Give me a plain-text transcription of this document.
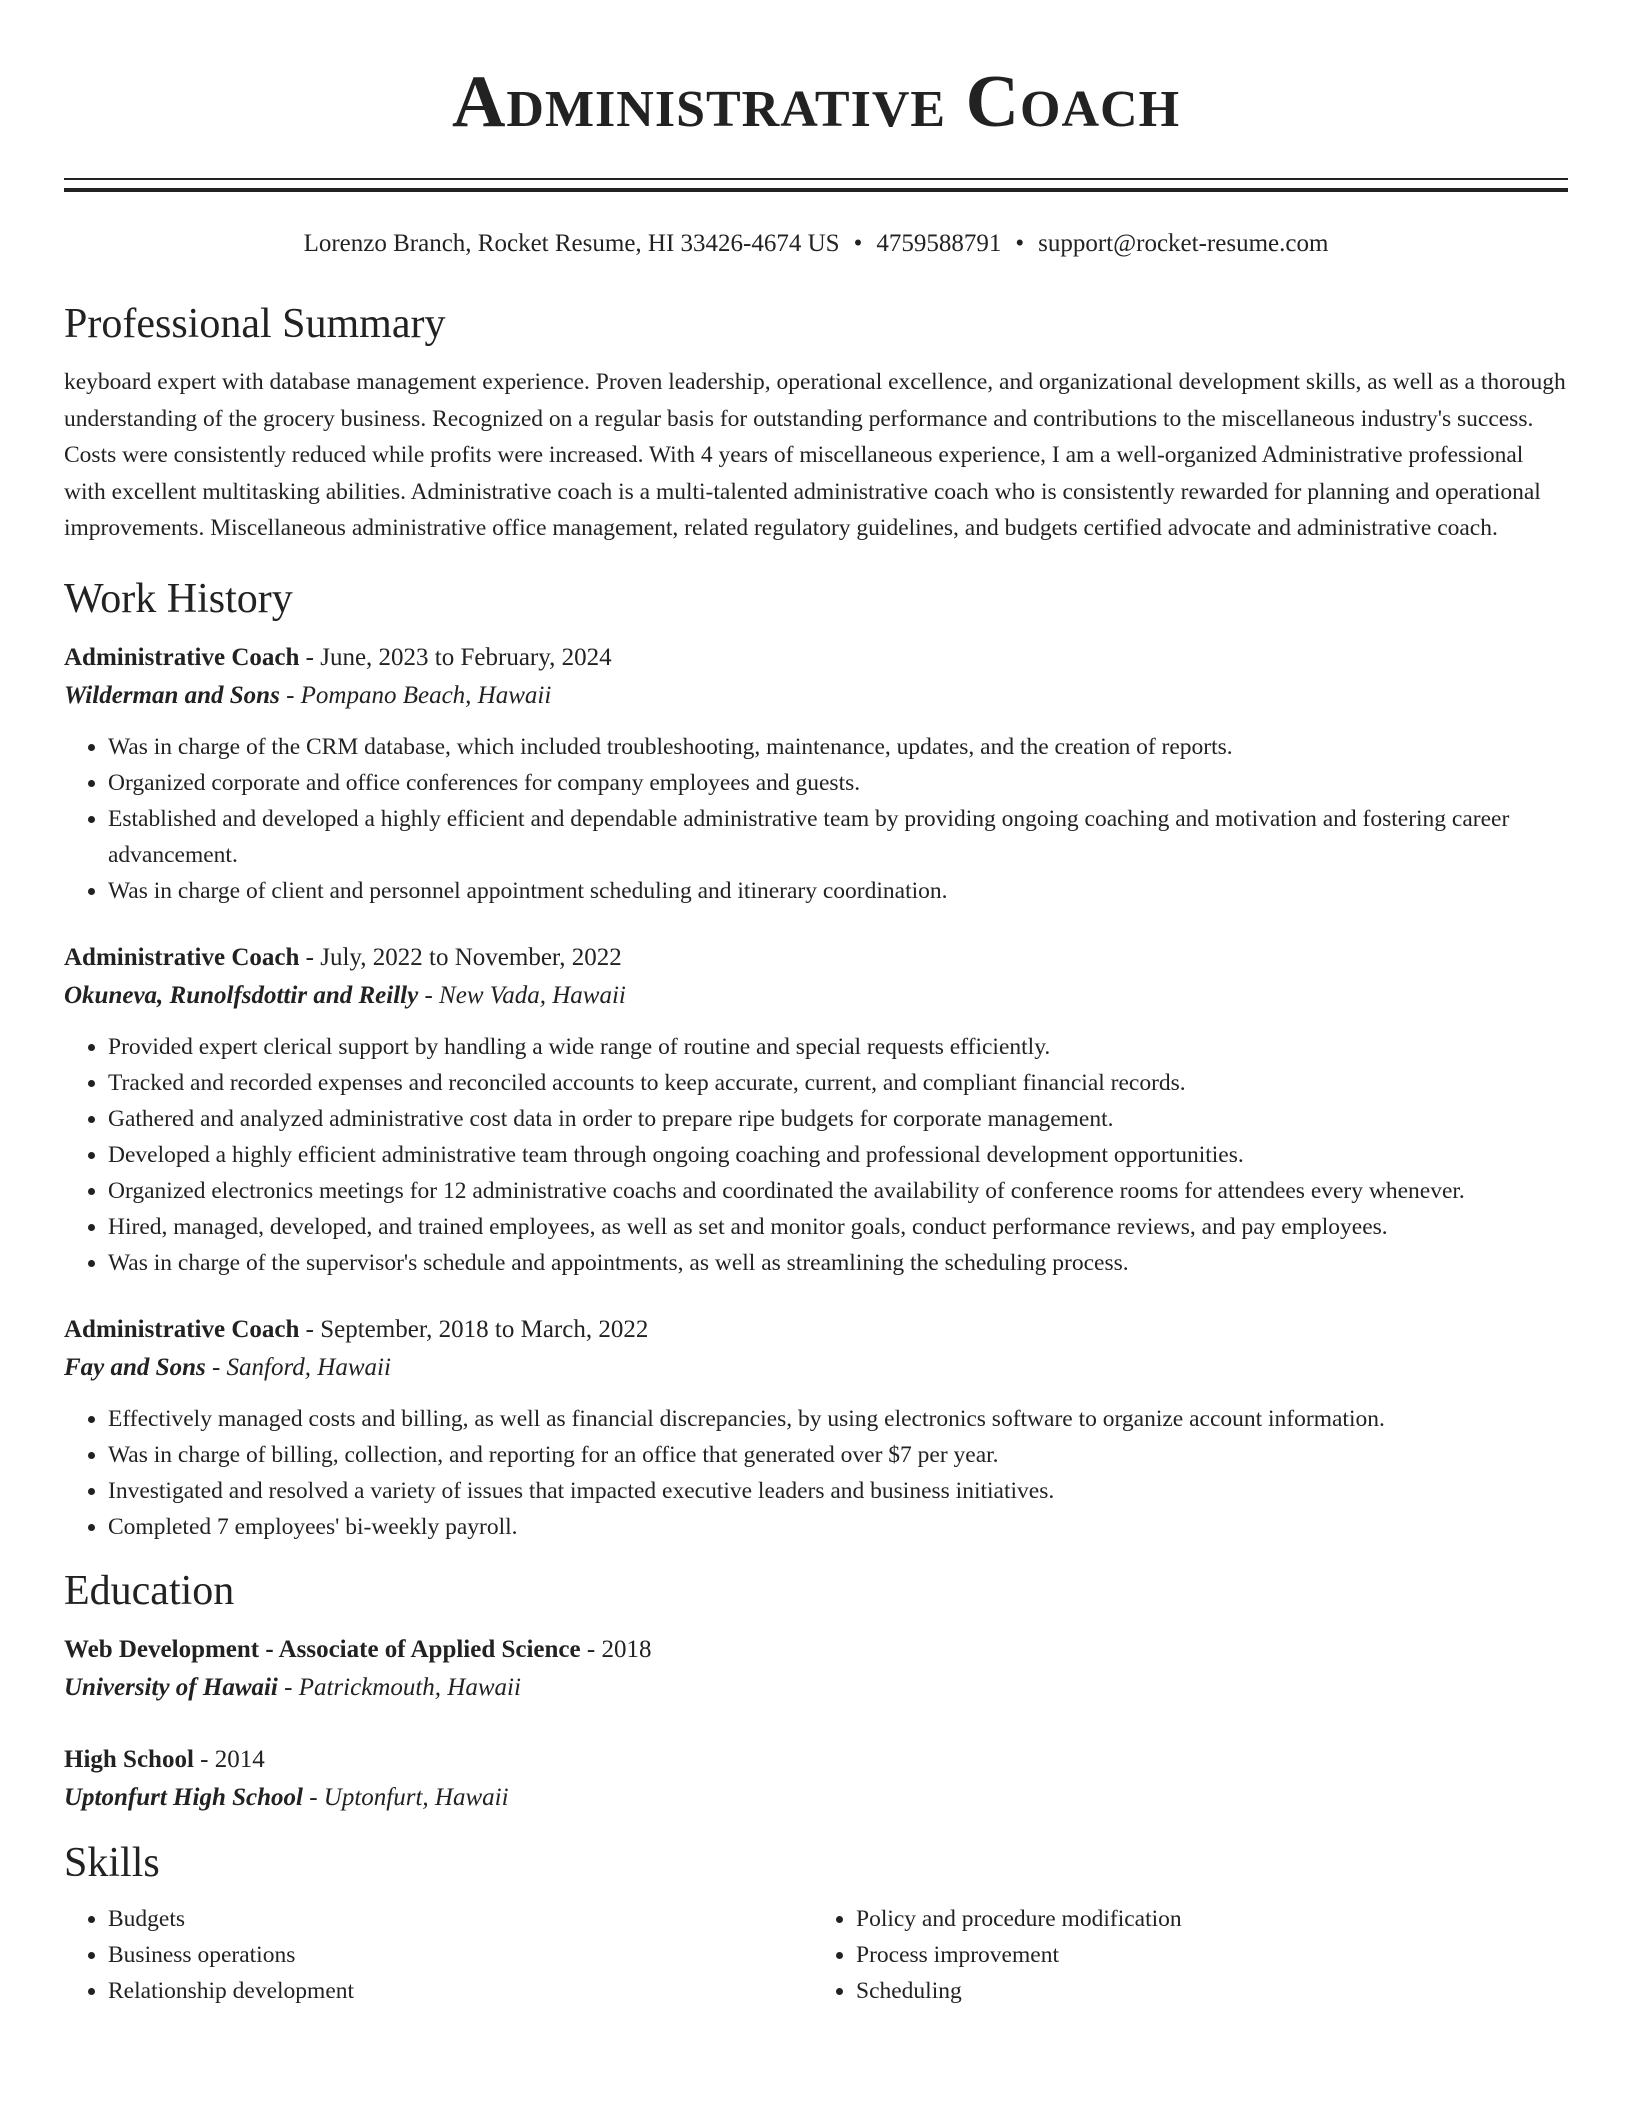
Administrative Coach
Lorenzo Branch, Rocket Resume, HI 33426-4674 US • 4759588791 • support@rocket-resume.com
Professional Summary
keyboard expert with database management experience. Proven leadership, operational excellence, and organizational development skills, as well as a thorough understanding of the grocery business. Recognized on a regular basis for outstanding performance and contributions to the miscellaneous industry's success. Costs were consistently reduced while profits were increased. With 4 years of miscellaneous experience, I am a well-organized Administrative professional with excellent multitasking abilities. Administrative coach is a multi-talented administrative coach who is consistently rewarded for planning and operational improvements. Miscellaneous administrative office management, related regulatory guidelines, and budgets certified advocate and administrative coach.
Work History
Administrative Coach - June, 2023 to February, 2024
Wilderman and Sons - Pompano Beach, Hawaii
• Was in charge of the CRM database, which included troubleshooting, maintenance, updates, and the creation of reports.
• Organized corporate and office conferences for company employees and guests.
• Established and developed a highly efficient and dependable administrative team by providing ongoing coaching and motivation and fostering career advancement.
• Was in charge of client and personnel appointment scheduling and itinerary coordination.
Administrative Coach - July, 2022 to November, 2022
Okuneva, Runolfsdottir and Reilly - New Vada, Hawaii
• Provided expert clerical support by handling a wide range of routine and special requests efficiently.
• Tracked and recorded expenses and reconciled accounts to keep accurate, current, and compliant financial records.
• Gathered and analyzed administrative cost data in order to prepare ripe budgets for corporate management.
• Developed a highly efficient administrative team through ongoing coaching and professional development opportunities.
• Organized electronics meetings for 12 administrative coachs and coordinated the availability of conference rooms for attendees every whenever.
• Hired, managed, developed, and trained employees, as well as set and monitor goals, conduct performance reviews, and pay employees.
• Was in charge of the supervisor's schedule and appointments, as well as streamlining the scheduling process.
Administrative Coach - September, 2018 to March, 2022
Fay and Sons - Sanford, Hawaii
• Effectively managed costs and billing, as well as financial discrepancies, by using electronics software to organize account information.
• Was in charge of billing, collection, and reporting for an office that generated over $7 per year.
• Investigated and resolved a variety of issues that impacted executive leaders and business initiatives.
• Completed 7 employees' bi-weekly payroll.
Education
Web Development - Associate of Applied Science - 2018
University of Hawaii - Patrickmouth, Hawaii
High School - 2014
Uptonfurt High School - Uptonfurt, Hawaii
Skills
• Budgets
• Business operations
• Relationship development
• Policy and procedure modification
• Process improvement
• Scheduling
